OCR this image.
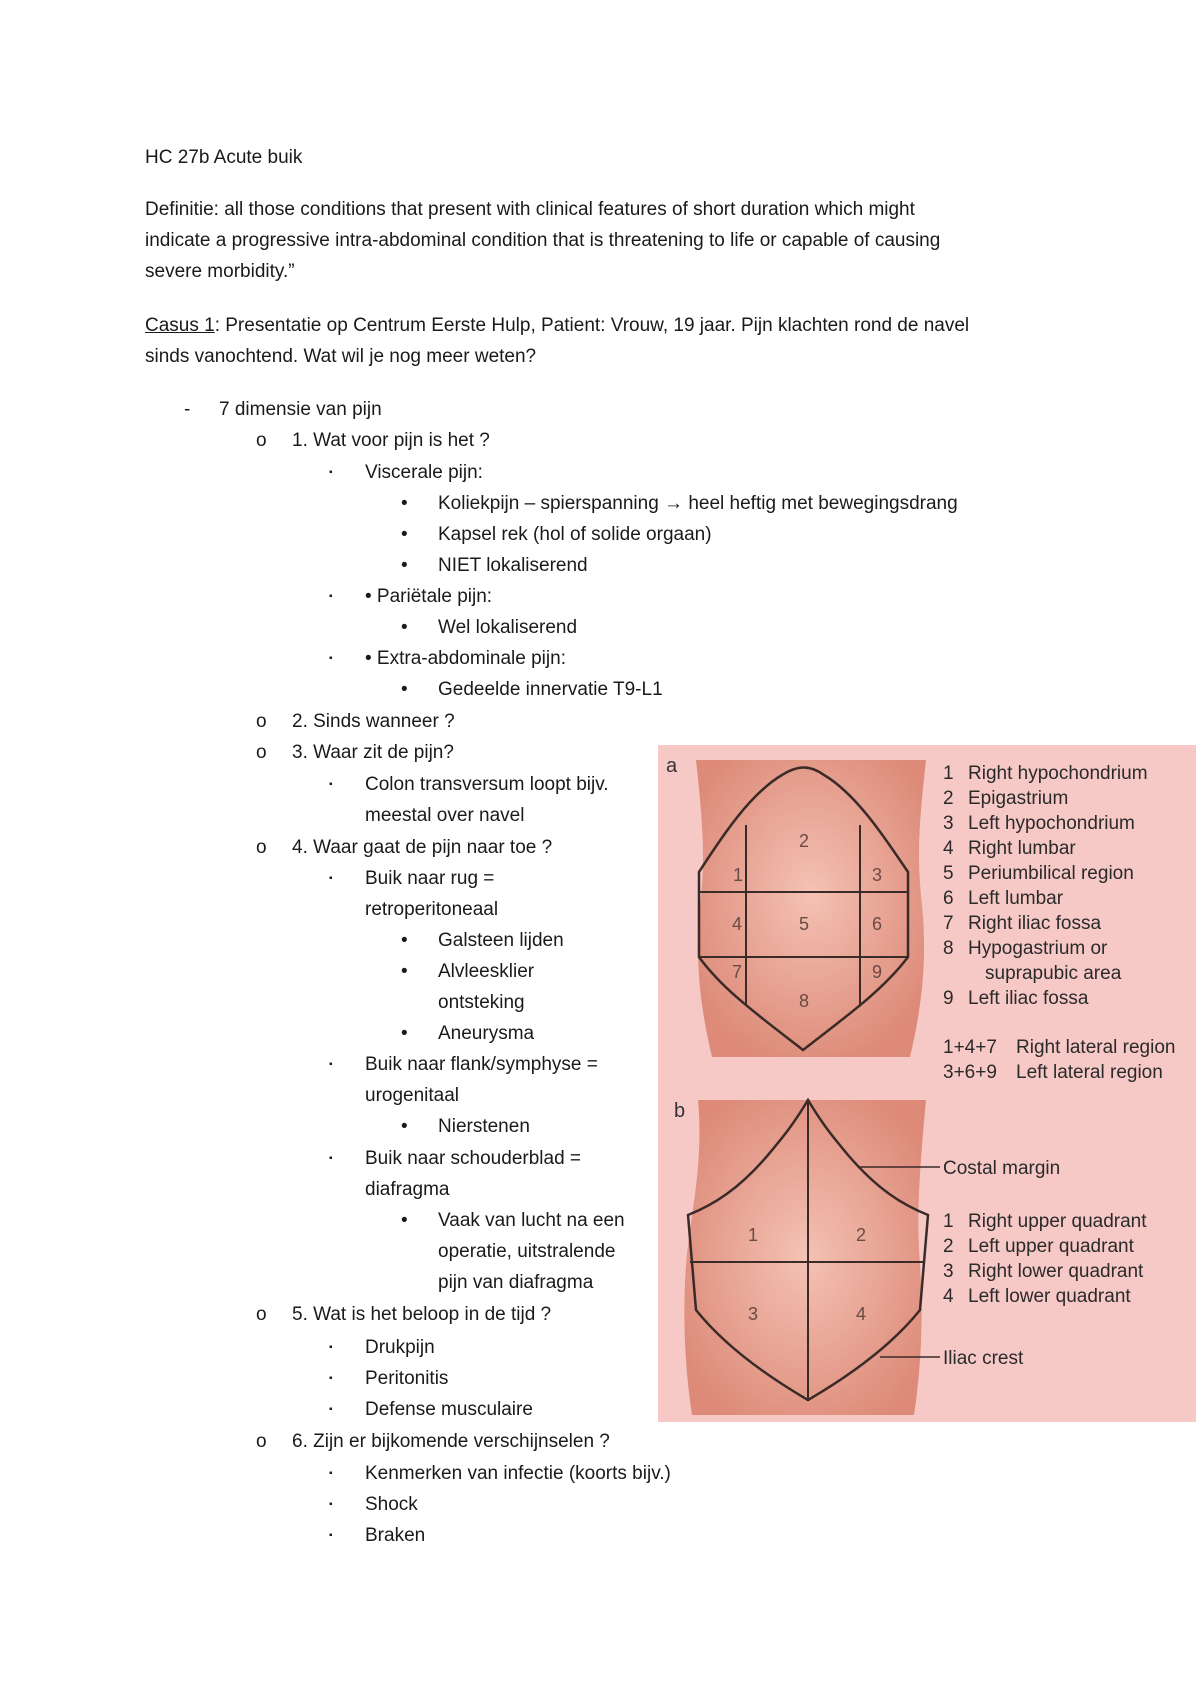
HC 27b Acute buik
Definitie: all those conditions that present with clinical features of short duration which might
indicate a progressive intra-abdominal condition that is threatening to life or capable of causing
severe morbidity.”
Casus 1: Presentatie op Centrum Eerste Hulp, Patient: Vrouw, 19 jaar. Pijn klachten rond de navel
sinds vanochtend. Wat wil je nog meer weten?
- 7 dimensie van pijn
o 1. Wat voor pijn is het ?
▪ Viscerale pijn:
• Koliekpijn – spierspanning → heel heftig met bewegingsdrang
• Kapsel rek (hol of solide orgaan)
• NIET lokaliserend
▪ • Pariëtale pijn:
• Wel lokaliserend
▪ • Extra-abdominale pijn:
• Gedeelde innervatie T9-L1
o 2. Sinds wanneer ?
o 3. Waar zit de pijn?
▪ Colon transversum loopt bijv.
meestal over navel
o 4. Waar gaat de pijn naar toe ?
▪ Buik naar rug =
retroperitoneaal
• Galsteen lijden
• Alvleesklier
ontsteking
• Aneurysma
▪ Buik naar flank/symphyse =
urogenitaal
• Nierstenen
▪ Buik naar schouderblad =
diafragma
• Vaak van lucht na een
operatie, uitstralende
pijn van diafragma
o 5. Wat is het beloop in de tijd ?
▪ Drukpijn
▪ Peritonitis
▪ Defense musculaire
o 6. Zijn er bijkomende verschijnselen ?
▪ Kenmerken van infectie (koorts bijv.)
▪ Shock
▪ Braken
a
1
2
3
4	5	6
7
8
9
1 Right hypochondrium
2 Epigastrium
3 Left hypochondrium
4 Right lumbar
5 Periumbilical region
6 Left lumbar
7 Right iliac fossa
8 Hypogastrium or
suprapubic area
9 Left iliac fossa
1+4+7 Right lateral region
3+6+9 Left lateral region
b
1	2
3	4
Costal margin
1 Right upper quadrant
2 Left upper quadrant
3 Right lower quadrant
4 Left lower quadrant
Iliac crest
